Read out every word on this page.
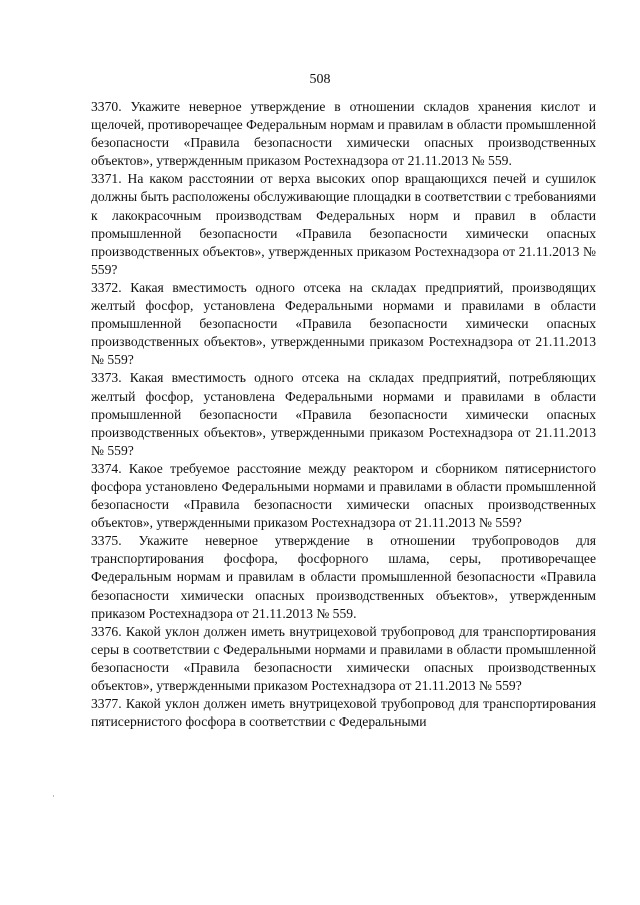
508

3370. Укажите неверное утверждение в отношении складов хранения кислот и щелочей, противоречащее Федеральным нормам и правилам в области промышленной безопасности «Правила безопасности химически опасных производственных объектов», утвержденным приказом Ростехнадзора от 21.11.2013 № 559.

3371. На каком расстоянии от верха высоких опор вращающихся печей и сушилок должны быть расположены обслуживающие площадки в соответствии с требованиями к лакокрасочным производствам Федеральных норм и правил в области промышленной безопасности «Правила безопасности химически опасных производственных объектов», утвержденных приказом Ростехнадзора от 21.11.2013 № 559?

3372. Какая вместимость одного отсека на складах предприятий, производящих желтый фосфор, установлена Федеральными нормами и правилами в области промышленной безопасности «Правила безопасности химически опасных производственных объектов», утвержденными приказом Ростехнадзора от 21.11.2013 № 559?

3373. Какая вместимость одного отсека на складах предприятий, потребляющих желтый фосфор, установлена Федеральными нормами и правилами в области промышленной безопасности «Правила безопасности химически опасных производственных объектов», утвержденными приказом Ростехнадзора от 21.11.2013 № 559?

3374. Какое требуемое расстояние между реактором и сборником пятисернистого фосфора установлено Федеральными нормами и правилами в области промышленной безопасности «Правила безопасности химически опасных производственных объектов», утвержденными приказом Ростехнадзора от 21.11.2013 № 559?

3375. Укажите неверное утверждение в отношении трубопроводов для транспортирования фосфора, фосфорного шлама, серы, противоречащее Федеральным нормам и правилам в области промышленной безопасности «Правила безопасности химически опасных производственных объектов», утвержденным приказом Ростехнадзора от 21.11.2013 № 559.

3376. Какой уклон должен иметь внутрицеховой трубопровод для транспортирования серы в соответствии с Федеральными нормами и правилами в области промышленной безопасности «Правила безопасности химически опасных производственных объектов», утвержденными приказом Ростехнадзора от 21.11.2013 № 559?

3377. Какой уклон должен иметь внутрицеховой трубопровод для транспортирования пятисернистого фосфора в соответствии с Федеральными

·
